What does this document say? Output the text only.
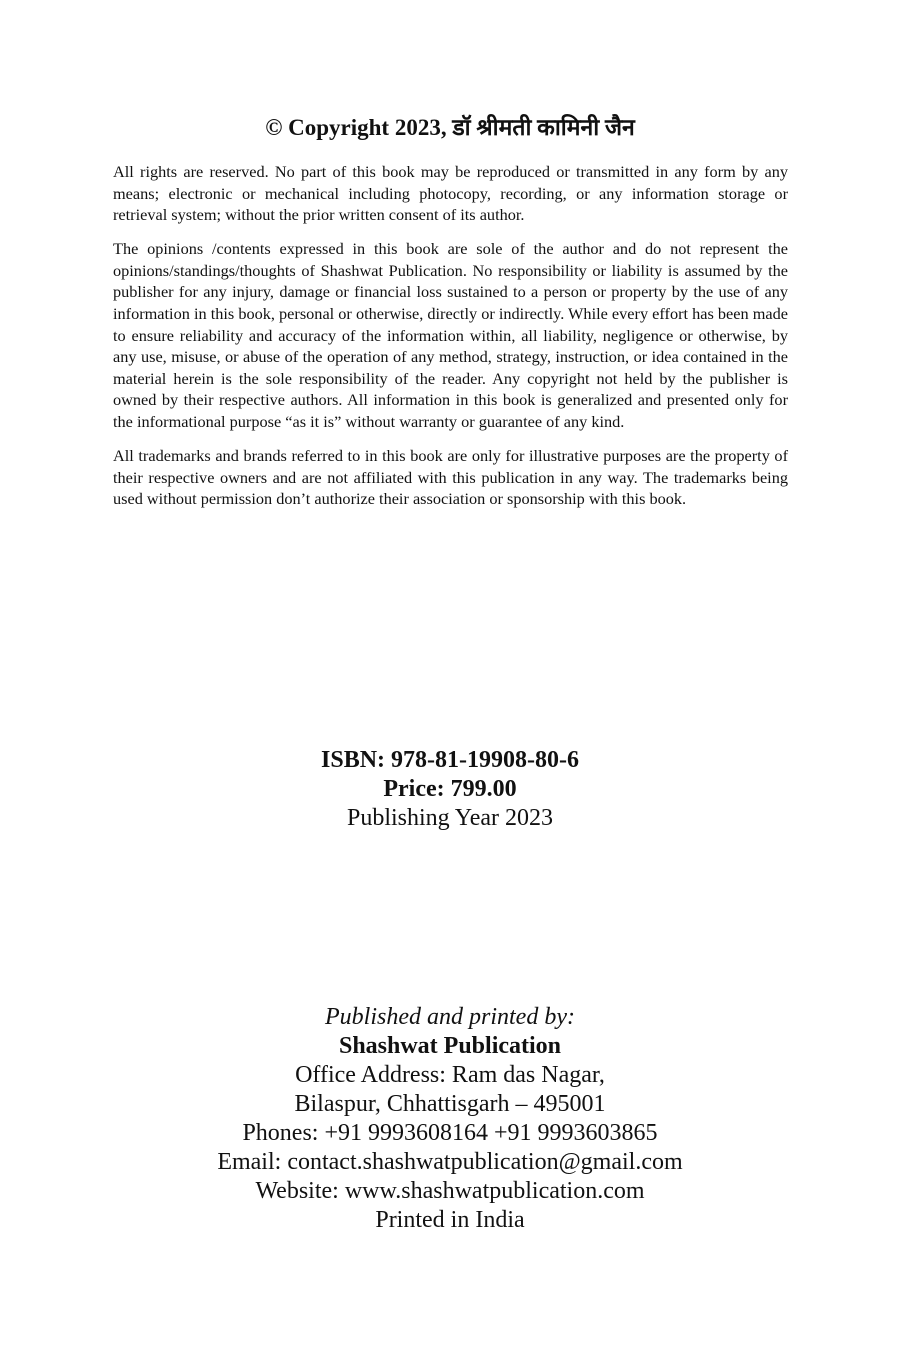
© Copyright 2023, डॉ श्रीमती कामिनी जैन

All rights are reserved. No part of this book may be reproduced or transmitted in any form by any means; electronic or mechanical including photocopy, recording, or any information storage or retrieval system; without the prior written consent of its author.

The opinions /contents expressed in this book are sole of the author and do not represent the opinions/standings/thoughts of Shashwat Publication. No responsibility or liability is assumed by the publisher for any injury, damage or financial loss sustained to a person or property by the use of any information in this book, personal or otherwise, directly or indirectly. While every effort has been made to ensure reliability and accuracy of the information within, all liability, negligence or otherwise, by any use, misuse, or abuse of the operation of any method, strategy, instruction, or idea contained in the material herein is the sole responsibility of the reader. Any copyright not held by the publisher is owned by their respective authors. All information in this book is generalized and presented only for the informational purpose “as it is” without warranty or guarantee of any kind.

All trademarks and brands referred to in this book are only for illustrative purposes are the property of their respective owners and are not affiliated with this publication in any way. The trademarks being used without permission don’t authorize their association or sponsorship with this book.

ISBN: 978-81-19908-80-6
Price: 799.00
Publishing Year 2023
Published and printed by:
Shashwat Publication
Office Address: Ram das Nagar,
Bilaspur, Chhattisgarh – 495001
Phones: +91 9993608164 +91 9993603865
Email: contact.shashwatpublication@gmail.com
Website: www.shashwatpublication.com
Printed in India
